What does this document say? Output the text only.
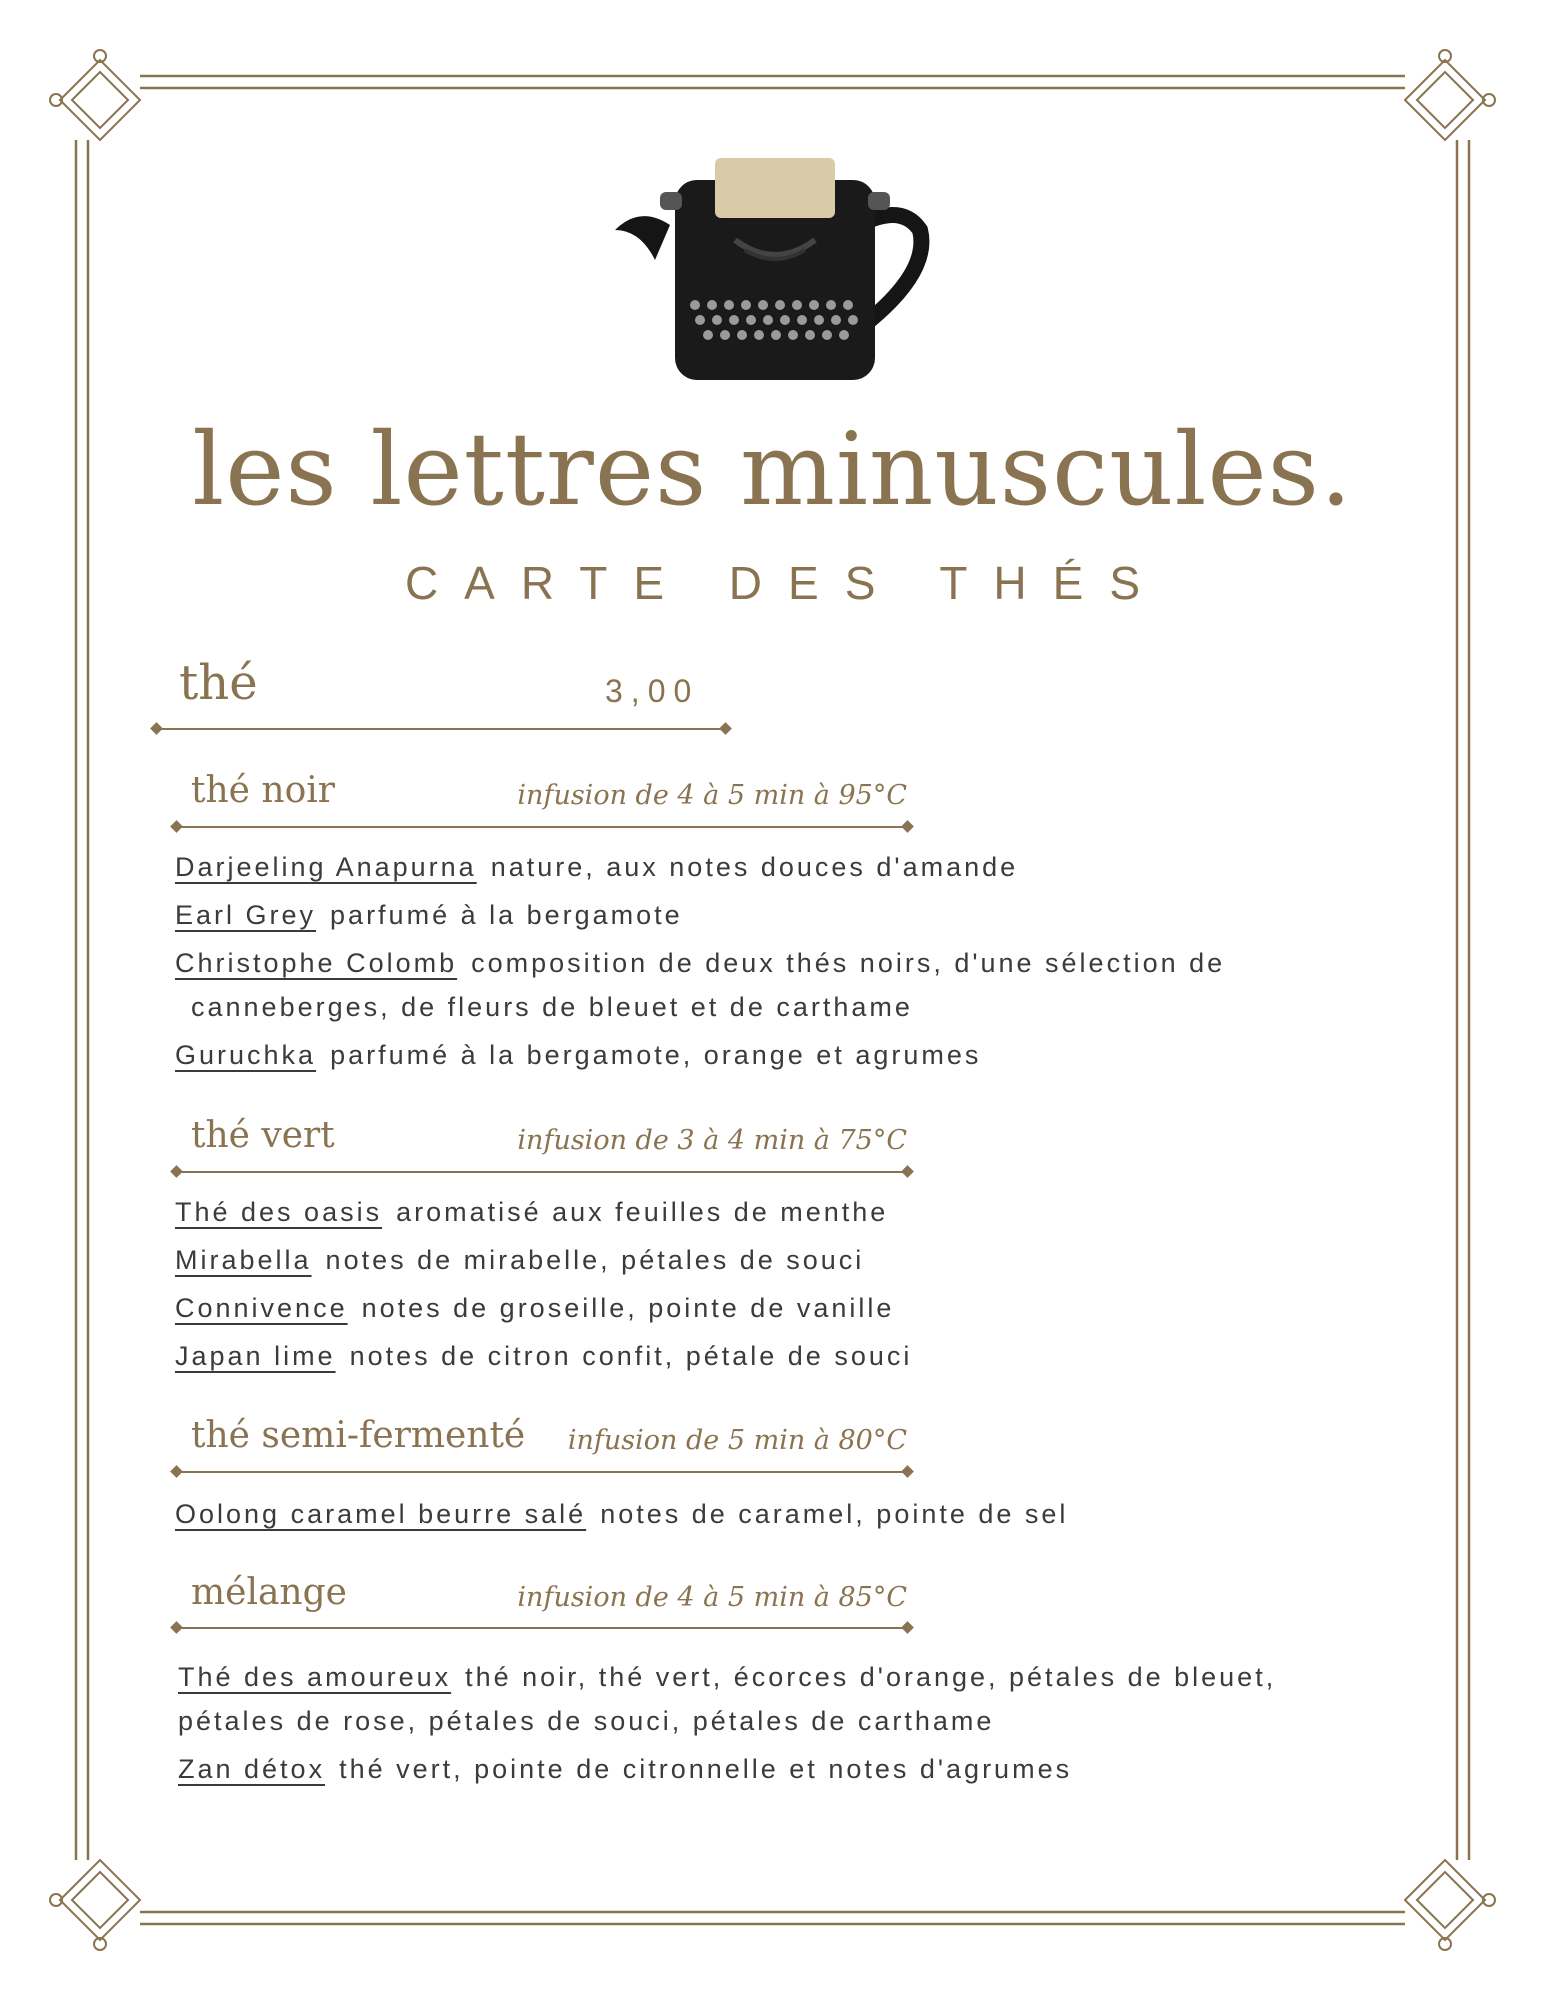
les lettres minuscules.
CARTE DES THÉS
thé	3,00
thé noir	infusion de 4 à 5 min à 95°C
Darjeeling Anapurna nature, aux notes douces d'amande
Earl Grey parfumé à la bergamote
Christophe Colomb composition de deux thés noirs, d'une sélection de
canneberges, de fleurs de bleuet et de carthame
Guruchka parfumé à la bergamote, orange et agrumes
thé vert	infusion de 3 à 4 min à 75°C
Thé des oasis aromatisé aux feuilles de menthe
Mirabella notes de mirabelle, pétales de souci
Connivence notes de groseille, pointe de vanille
Japan lime notes de citron confit, pétale de souci
thé semi-fermenté infusion de 5 min à 80°C
Oolong caramel beurre salé notes de caramel, pointe de sel
mélange	infusion de 4 à 5 min à 85°C
Thé des amoureux thé noir, thé vert, écorces d'orange, pétales de bleuet,
pétales de rose, pétales de souci, pétales de carthame
Zan détox thé vert, pointe de citronnelle et notes d'agrumes
